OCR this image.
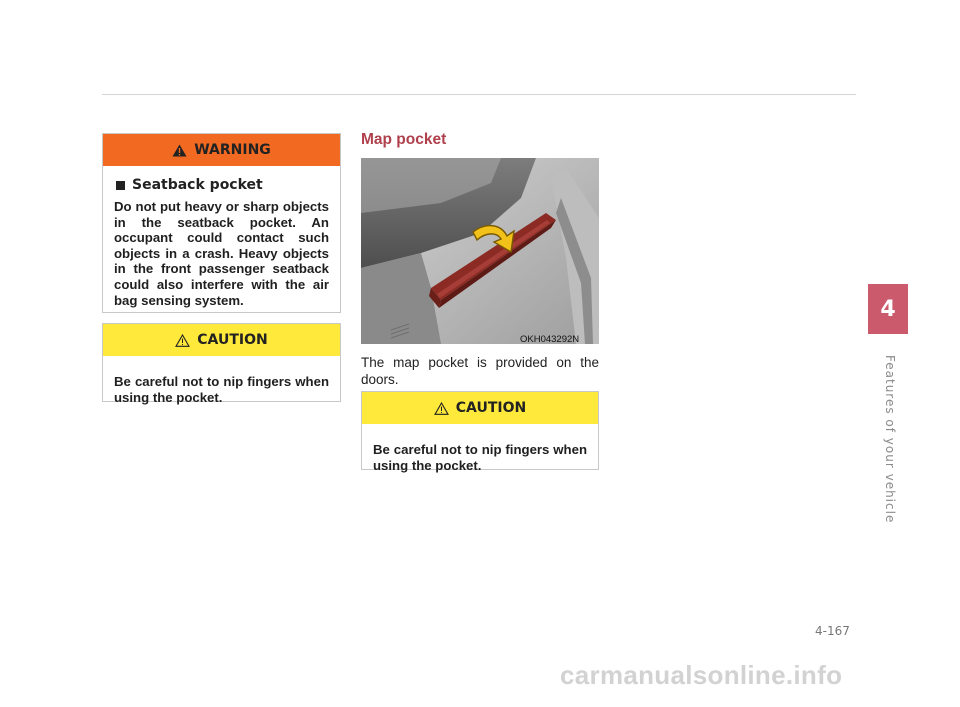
WARNING
Seatback pocket

Do not put heavy or sharp objects in the seatback pocket. An occupant could contact such objects in a crash. Heavy objects in the front passenger seatback could also interfere with the air bag sensing system.

CAUTION

Be careful not to nip fingers when using the pocket.

Map pocket
OKH043292N

The map pocket is provided on the doors.

CAUTION

Be careful not to nip fingers when using the pocket.

4
Features of your vehicle
4-167
carmanualsonline.info
